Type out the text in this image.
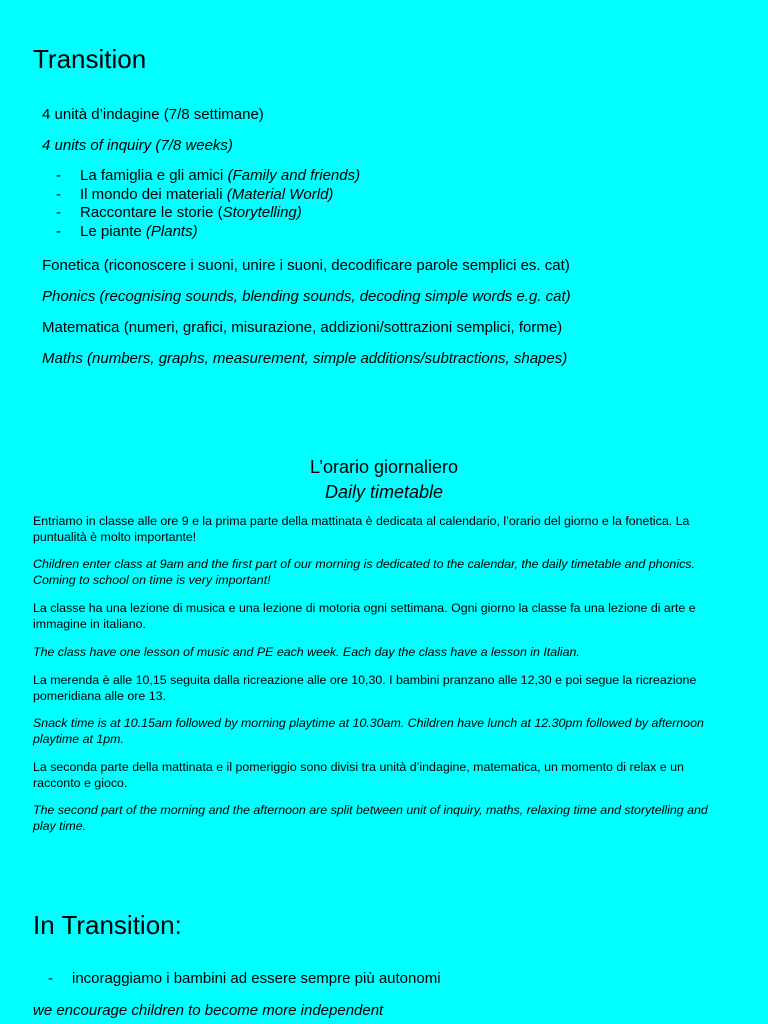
Transition

4 unità d’indagine (7/8 settimane)

4 units of inquiry (7/8 weeks)

- La famiglia e gli amici (Family and friends)
- Il mondo dei materiali (Material World)
- Raccontare le storie (Storytelling)
- Le piante (Plants)

Fonetica (riconoscere i suoni, unire i suoni, decodificare parole semplici es. cat)

Phonics (recognising sounds, blending sounds, decoding simple words e.g. cat)

Matematica (numeri, grafici, misurazione, addizioni/sottrazioni semplici, forme)

Maths (numbers, graphs, measurement, simple additions/subtractions, shapes)

L’orario giornaliero
Daily timetable

Entriamo in classe alle ore 9 e la prima parte della mattinata è dedicata al calendario, l’orario del giorno e la fonetica. La puntualità è molto importante!

Children enter class at 9am and the first part of our morning is dedicated to the calendar, the daily timetable and phonics. Coming to school on time is very important!

La classe ha una lezione di musica e una lezione di motoria ogni settimana. Ogni giorno la classe fa una lezione di arte e immagine in italiano.

The class have one lesson of music and PE each week. Each day the class have a lesson in Italian.

La merenda è alle 10,15 seguita dalla ricreazione alle ore 10,30. I bambini pranzano alle 12,30 e poi segue la ricreazione pomeridiana alle ore 13.

Snack time is at 10.15am followed by morning playtime at 10.30am. Children have lunch at 12.30pm followed by afternoon playtime at 1pm.

La seconda parte della mattinata e il pomeriggio sono divisi tra unità d’indagine, matematica, un momento di relax e un racconto e gioco.

The second part of the morning and the afternoon are split between unit of inquiry, maths, relaxing time and storytelling and play time.

In Transition:
- incoraggiamo i bambini ad essere sempre più autonomi

we encourage children to become more independent
